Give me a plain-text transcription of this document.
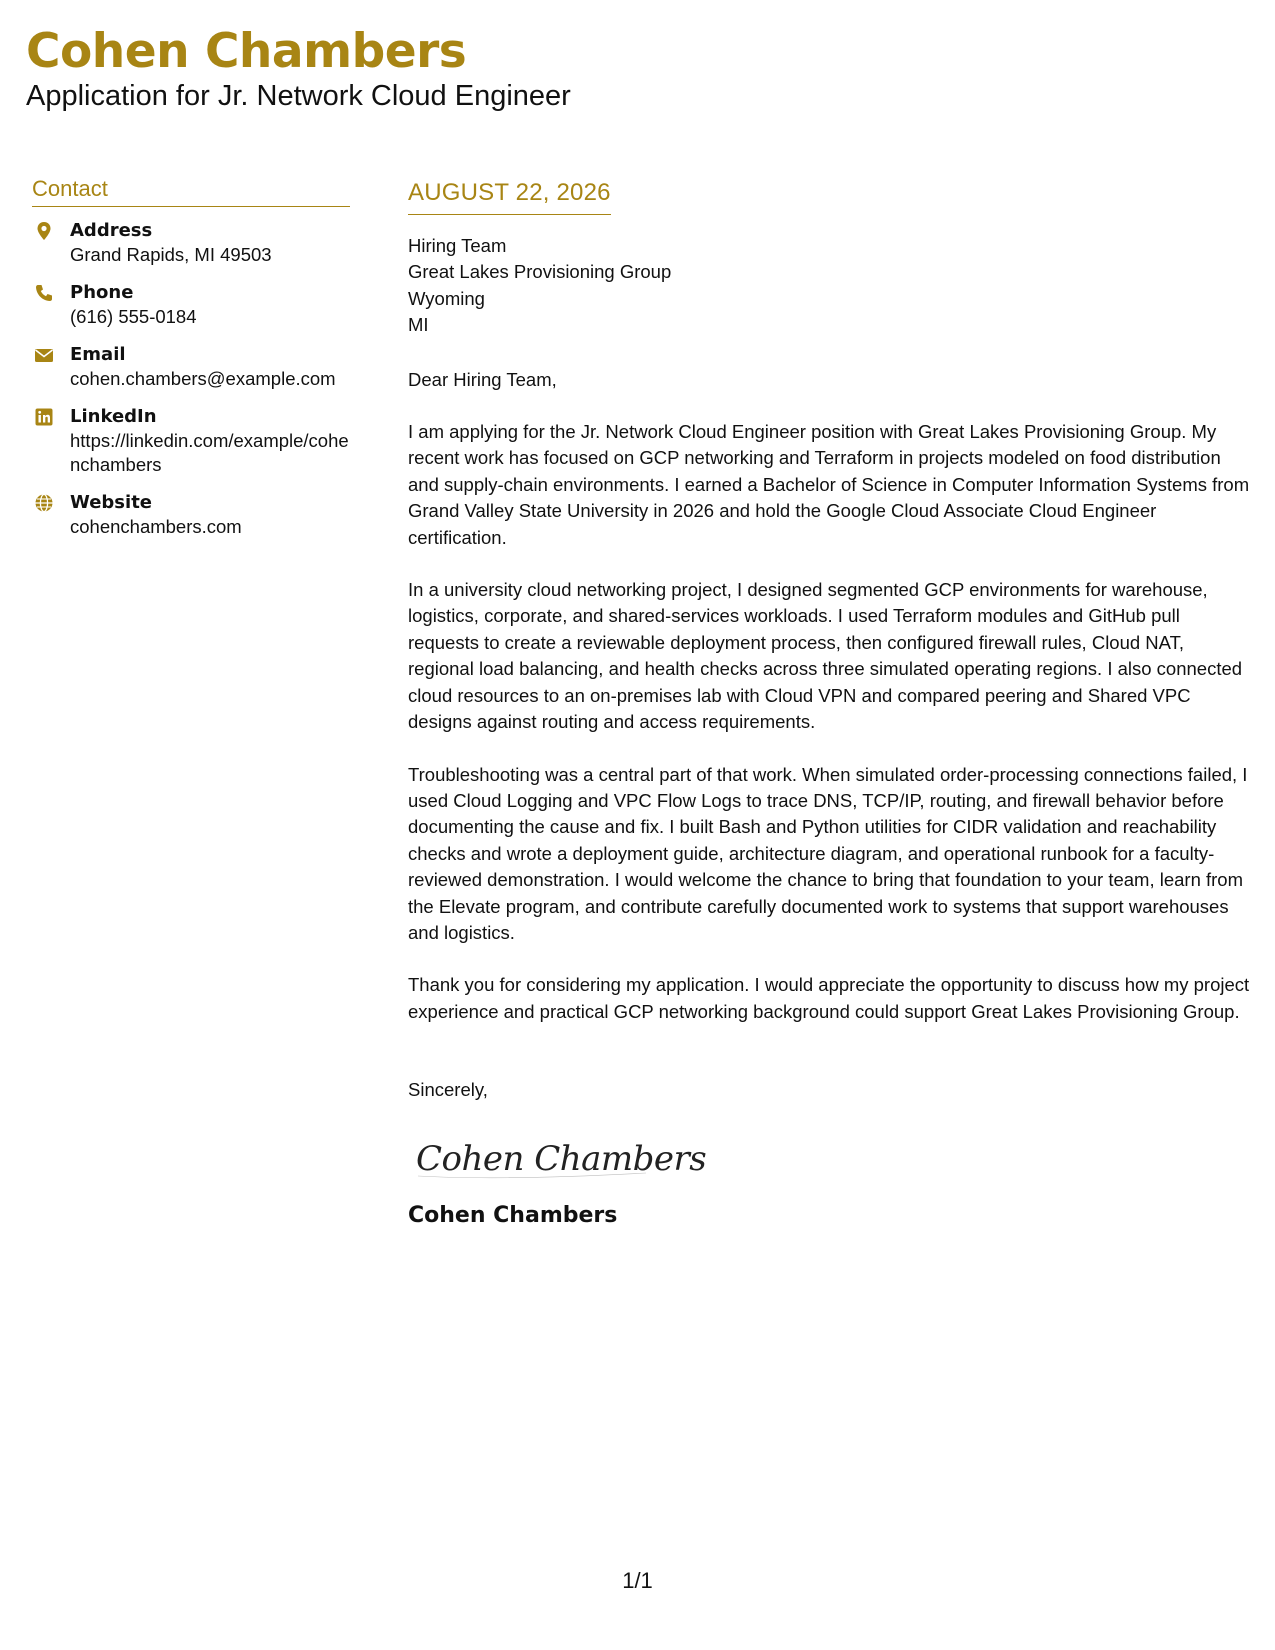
Cohen Chambers
Application for Jr. Network Cloud Engineer
Contact
Address
Grand Rapids, MI 49503
Phone
(616) 555-0184
Email
cohen.chambers@example.com
LinkedIn
https://linkedin.com/example/cohenchambers
Website
cohenchambers.com
AUGUST 22, 2026
Hiring Team
Great Lakes Provisioning Group
Wyoming
MI
Dear Hiring Team,
I am applying for the Jr. Network Cloud Engineer position with Great Lakes Provisioning Group. My recent work has focused on GCP networking and Terraform in projects modeled on food distribution and supply-chain environments. I earned a Bachelor of Science in Computer Information Systems from Grand Valley State University in 2026 and hold the Google Cloud Associate Cloud Engineer certification.
In a university cloud networking project, I designed segmented GCP environments for warehouse, logistics, corporate, and shared-services workloads. I used Terraform modules and GitHub pull requests to create a reviewable deployment process, then configured firewall rules, Cloud NAT, regional load balancing, and health checks across three simulated operating regions. I also connected cloud resources to an on-premises lab with Cloud VPN and compared peering and Shared VPC designs against routing and access requirements.
Troubleshooting was a central part of that work. When simulated order-processing connections failed, I used Cloud Logging and VPC Flow Logs to trace DNS, TCP/IP, routing, and firewall behavior before documenting the cause and fix. I built Bash and Python utilities for CIDR validation and reachability checks and wrote a deployment guide, architecture diagram, and operational runbook for a faculty-reviewed demonstration. I would welcome the chance to bring that foundation to your team, learn from the Elevate program, and contribute carefully documented work to systems that support warehouses and logistics.
Thank you for considering my application. I would appreciate the opportunity to discuss how my project experience and practical GCP networking background could support Great Lakes Provisioning Group.
Sincerely,
Cohen Chambers
Cohen Chambers
1/1
